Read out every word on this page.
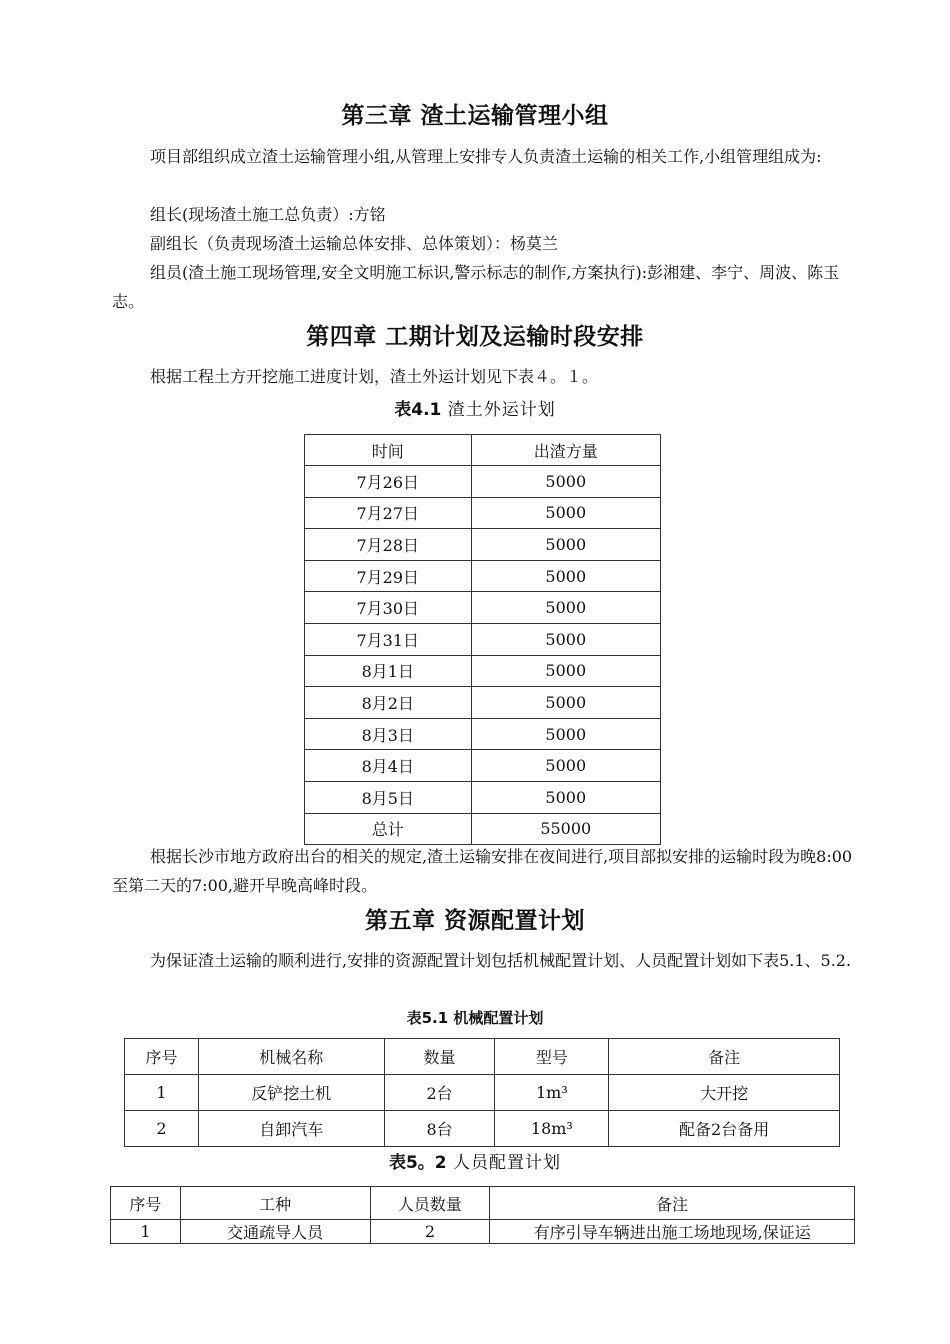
第三章 渣土运输管理小组

项目部组织成立渣土运输管理小组,从管理上安排专人负责渣土运输的相关工作,小组管理组成为:

组长(现场渣土施工总负责）:方铭

副组长（负责现场渣土运输总体安排、总体策划）：杨莫兰

组员(渣土施工现场管理,安全文明施工标识,警示标志的制作,方案执行):彭湘建、李宁、周波、陈玉志。

第四章 工期计划及运输时段安排

根据工程土方开挖施工进度计划，渣土外运计划见下表４。１。

表4.1 渣土外运计划
时间	出渣方量
7月26日	5000
7月27日	5000
7月28日	5000
7月29日	5000
7月30日	5000
7月31日	5000
8月1日	5000
8月2日	5000
8月3日	5000
8月4日	5000
8月5日	5000
总计	55000

根据长沙市地方政府出台的相关的规定,渣土运输安排在夜间进行,项目部拟安排的运输时段为晚8:00至第二天的7:00,避开早晚高峰时段。

第五章 资源配置计划

为保证渣土运输的顺利进行,安排的资源配置计划包括机械配置计划、人员配置计划如下表5.1、5.2.

表5.1 机械配置计划
序号	机械名称	数量	型号	备注
1	反铲挖土机	2台	1m³	大开挖
2	自卸汽车	8台	18m³	配备2台备用
表5。2 人员配置计划
序号	工种	人员数量	备注
1	交通疏导人员	2	有序引导车辆进出施工场地现场,保证运
